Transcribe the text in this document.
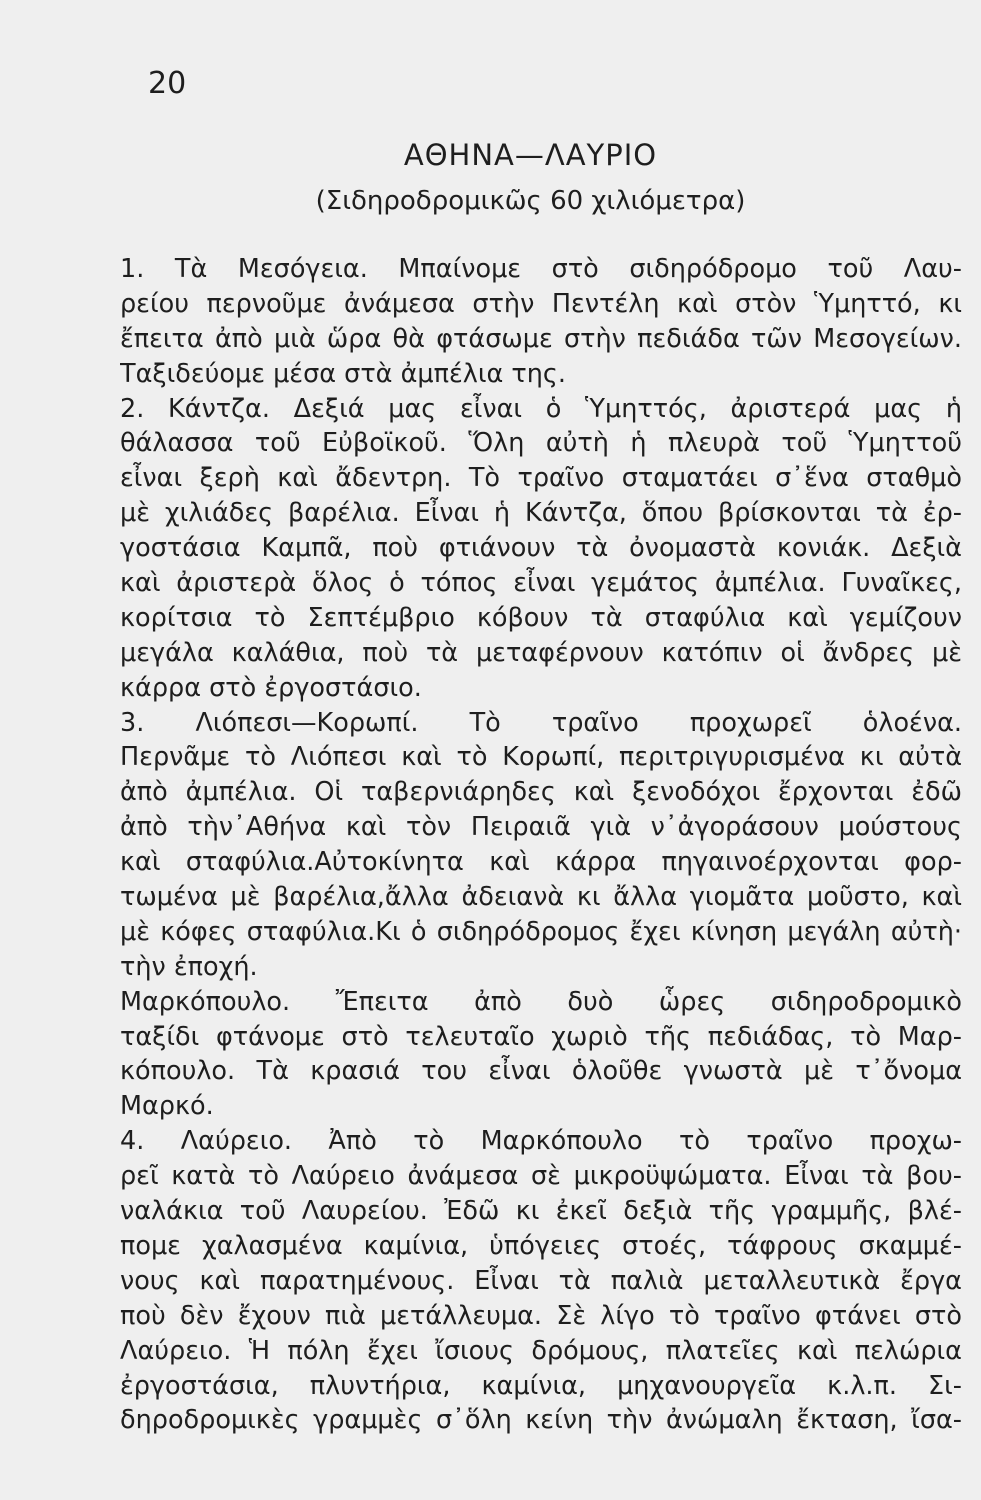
20
ΑΘΗΝΑ—ΛΑΥΡΙΟ
(Σιδηροδρομικῶς 60 χιλιόμετρα)
1. Τὰ Μεσόγεια. Μπαίνομε στὸ σιδηρόδρομο τοῦ Λαυ-
ρείου περνοῦμε ἀνάμεσα στὴν Πεντέλη καὶ στὸν Ὑμηττό, κι
ἔπειτα ἀπὸ μιὰ ὥρα θὰ φτάσωμε στὴν πεδιάδα τῶν Μεσογείων.
Ταξιδεύομε μέσα στὰ ἀμπέλια της.
2. Κάντζα. Δεξιά μας εἶναι ὁ Ὑμηττός, ἀριστερά μας ἡ
θάλασσα τοῦ Εὐβοϊκοῦ. Ὅλη αὐτὴ ἡ πλευρὰ τοῦ Ὑμηττοῦ
εἶναι ξερὴ καὶ ἄδεντρη. Τὸ τραῖνο σταματάει σ᾽ἕνα σταθμὸ
μὲ χιλιάδες βαρέλια. Εἶναι ἡ Κάντζα, ὅπου βρίσκονται τὰ ἐρ-
γοστάσια Καμπᾶ, ποὺ φτιάνουν τὰ ὀνομαστὰ κονιάκ. Δεξιὰ
καὶ ἀριστερὰ ὅλος ὁ τόπος εἶναι γεμάτος ἀμπέλια. Γυναῖκες,
κορίτσια τὸ Σεπτέμβριο κόβουν τὰ σταφύλια καὶ γεμίζουν
μεγάλα καλάθια, ποὺ τὰ μεταφέρνουν κατόπιν οἱ ἄνδρες μὲ
κάρρα στὸ ἐργοστάσιο.
3. Λιόπεσι—Κορωπί. Τὸ τραῖνο προχωρεῖ ὁλοένα.
Περνᾶμε τὸ Λιόπεσι καὶ τὸ Κορωπί, περιτριγυρισμένα κι αὐτὰ
ἀπὸ ἀμπέλια. Οἱ ταβερνιάρηδες καὶ ξενοδόχοι ἔρχονται ἐδῶ
ἀπὸ τὴν᾽Αθήνα καὶ τὸν Πειραιᾶ γιὰ ν᾽ἀγοράσουν μούστους
καὶ σταφύλια.Αὐτοκίνητα καὶ κάρρα πηγαινοέρχονται φορ-
τωμένα μὲ βαρέλια,ἄλλα ἀδειανὰ κι ἄλλα γιομᾶτα μοῦστο, καὶ
μὲ κόφες σταφύλια.Κι ὁ σιδηρόδρομος ἔχει κίνηση μεγάλη αὐτὴ·
τὴν ἐποχή.
Μαρκόπουλο. Ἔπειτα ἀπὸ δυὸ ὧρες σιδηροδρομικὸ
ταξίδι φτάνομε στὸ τελευταῖο χωριὸ τῆς πεδιάδας, τὸ Μαρ-
κόπουλο. Τὰ κρασιά του εἶναι ὁλοῦθε γνωστὰ μὲ τ᾽ὄνομα
Μαρκό.
4. Λαύρειο. Ἀπὸ τὸ Μαρκόπουλο τὸ τραῖνο προχω-
ρεῖ κατὰ τὸ Λαύρειο ἀνάμεσα σὲ μικροϋψώματα. Εἶναι τὰ βου-
ναλάκια τοῦ Λαυρείου. Ἐδῶ κι ἐκεῖ δεξιὰ τῆς γραμμῆς, βλέ-
πομε χαλασμένα καμίνια, ὑπόγειες στοές, τάφρους σκαμμέ-
νους καὶ παρατημένους. Εἶναι τὰ παλιὰ μεταλλευτικὰ ἔργα
ποὺ δὲν ἔχουν πιὰ μετάλλευμα. Σὲ λίγο τὸ τραῖνο φτάνει στὸ
Λαύρειο. Ἡ πόλη ἔχει ἴσιους δρόμους, πλατεῖες καὶ πελώρια
ἐργοστάσια, πλυντήρια, καμίνια, μηχανουργεῖα κ.λ.π. Σι-
δηροδρομικὲς γραμμὲς σ᾽ὅλη κείνη τὴν ἀνώμαλη ἔκταση, ἴσα-
